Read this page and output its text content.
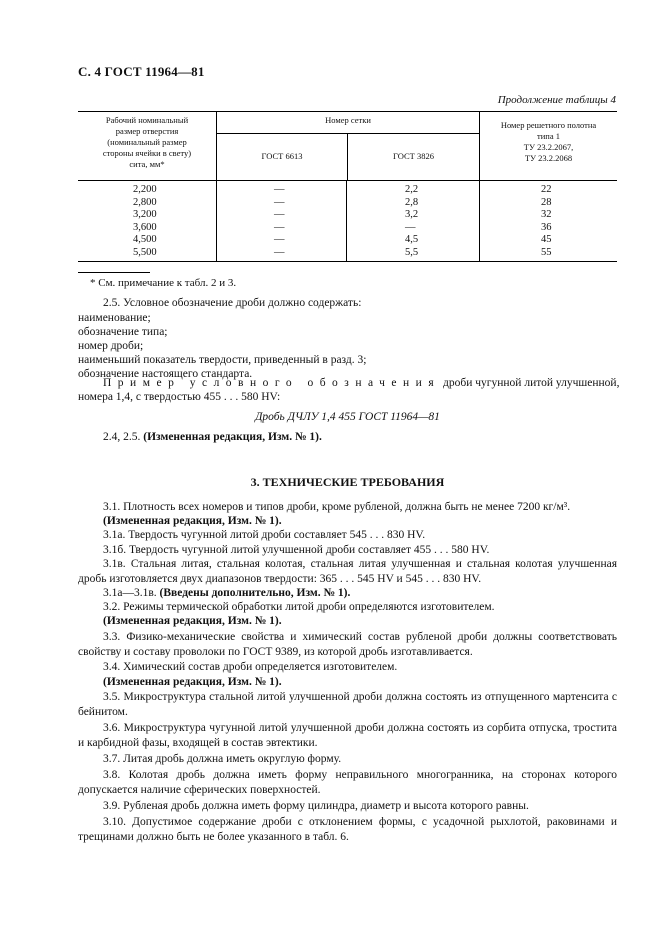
С. 4 ГОСТ 11964—81
Продолжение таблицы 4
Рабочий номинальный
размер отверстия
(номинальный размер
стороны ячейки в свету)
сита, мм*
Номер сетки
ГОСТ 6613	ГОСТ 3826
Номер решетного полотна
типа 1
ТУ 23.2.2067,
ТУ 23.2.2068
2,200	—	2,2	22
2,800	—	2,8	28
3,200	—	3,2	32
3,600	—	—	36
4,500	—	4,5	45
5,500	—	5,5	55
* См. примечание к табл. 2 и 3.
2.5. Условное обозначение дроби должно содержать:
наименование;
обозначение типа;
номер дроби;
наименьший показатель твердости, приведенный в разд. 3;
обозначение настоящего стандарта.
Пример условного обозначения дроби чугунной литой улучшенной,
номера 1,4, с твердостью 455 . . . 580 HV:
Дробь ДЧЛУ 1,4 455 ГОСТ 11964—81
2.4, 2.5. (Измененная редакция, Изм. № 1).
3. ТЕХНИЧЕСКИЕ ТРЕБОВАНИЯ
3.1. Плотность всех номеров и типов дроби, кроме рубленой, должна быть не менее 7200 кг/м³.
(Измененная редакция, Изм. № 1).
3.1а. Твердость чугунной литой дроби составляет 545 . . . 830 HV.
3.1б. Твердость чугунной литой улучшенной дроби составляет 455 . . . 580 HV.
3.1в. Стальная литая, стальная колотая, стальная литая улучшенная и стальная колотая улучшенная дробь изготовляется двух диапазонов твердости: 365 . . . 545 HV и 545 . . . 830 HV.
3.1а—3.1в. (Введены дополнительно, Изм. № 1).
3.2. Режимы термической обработки литой дроби определяются изготовителем.
(Измененная редакция, Изм. № 1).
3.3. Физико-механические свойства и химический состав рубленой дроби должны соответствовать свойству и составу проволоки по ГОСТ 9389, из которой дробь изготавливается.
3.4. Химический состав дроби определяется изготовителем.
(Измененная редакция, Изм. № 1).
3.5. Микроструктура стальной литой улучшенной дроби должна состоять из отпущенного мартенсита с бейнитом.
3.6. Микроструктура чугунной литой улучшенной дроби должна состоять из сорбита отпуска, тростита и карбидной фазы, входящей в состав эвтектики.
3.7. Литая дробь должна иметь округлую форму.
3.8. Колотая дробь должна иметь форму неправильного многогранника, на сторонах которого допускается наличие сферических поверхностей.
3.9. Рубленая дробь должна иметь форму цилиндра, диаметр и высота которого равны.
3.10. Допустимое содержание дроби с отклонением формы, с усадочной рыхлотой, раковинами и трещинами должно быть не более указанного в табл. 6.
